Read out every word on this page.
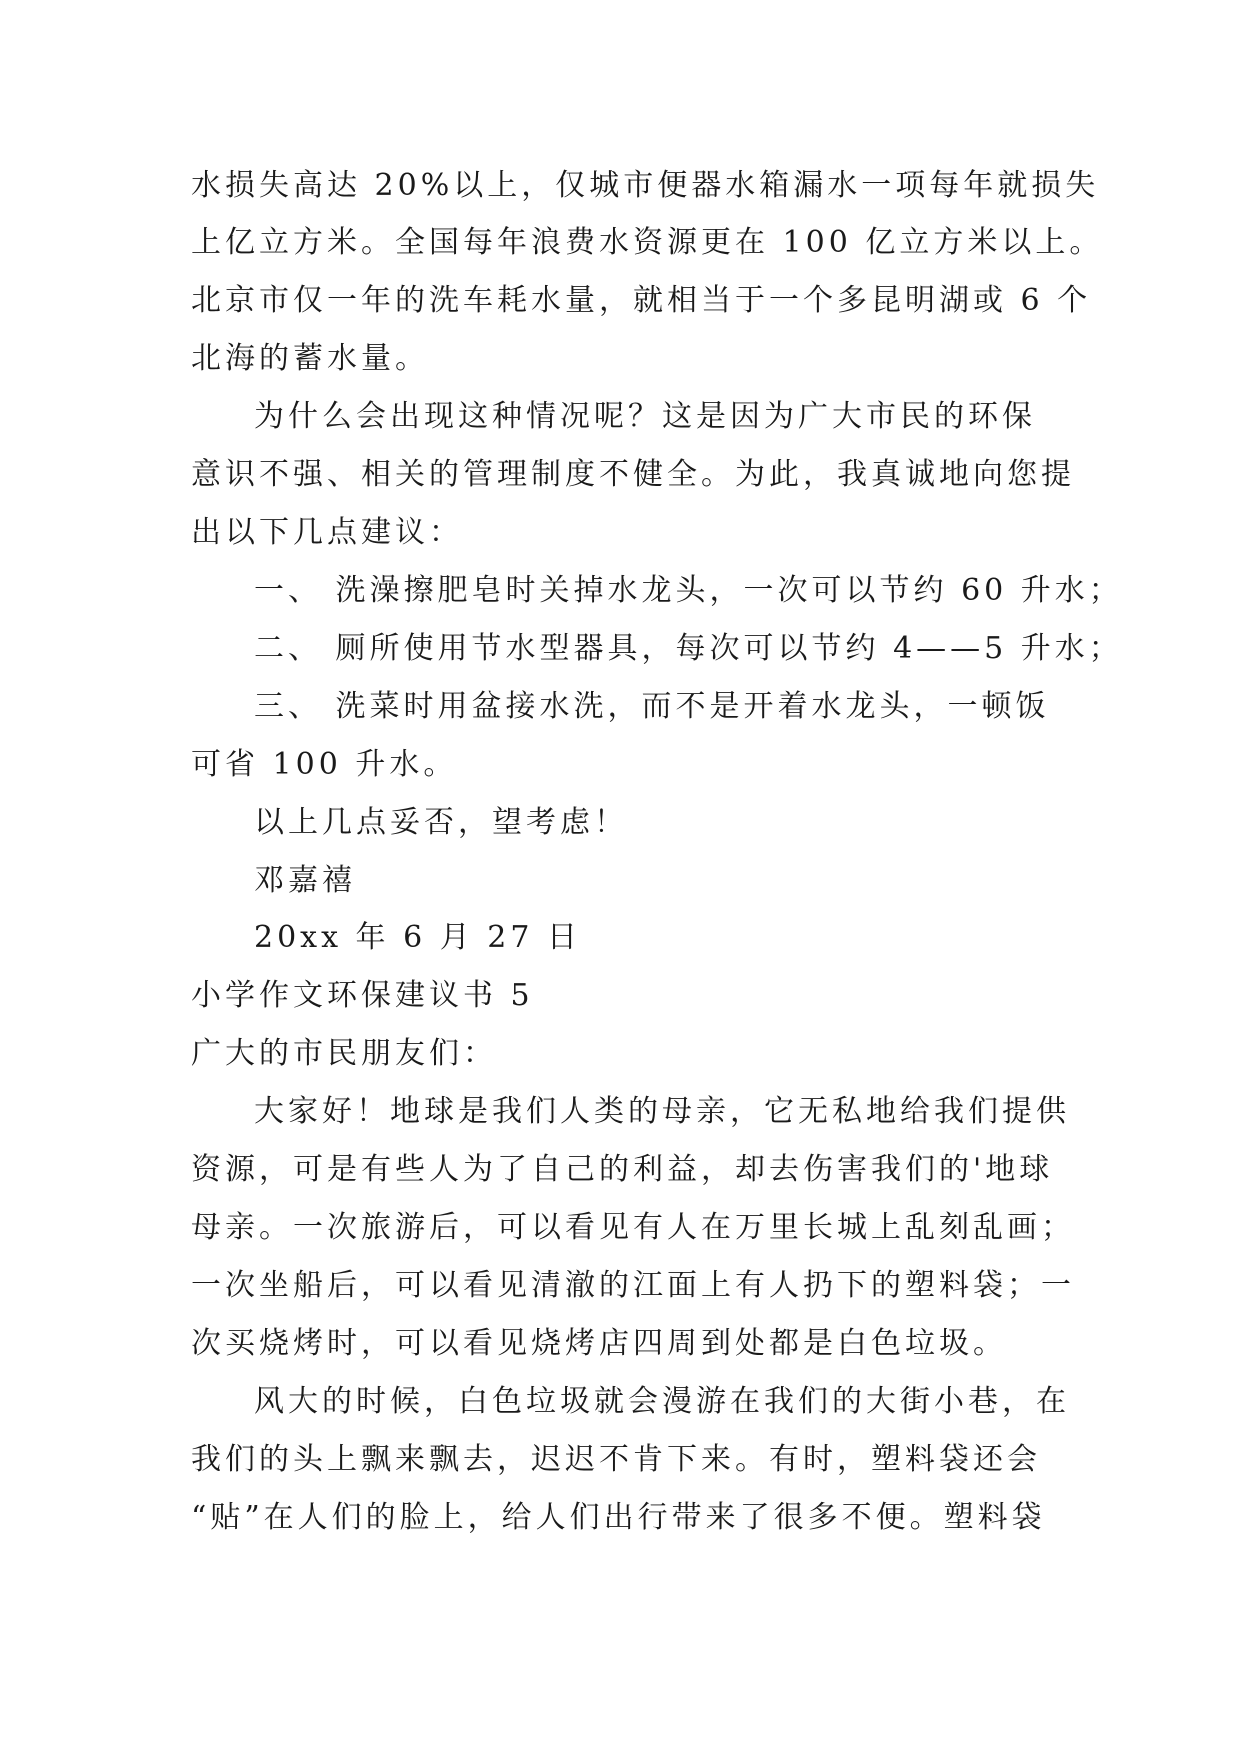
水损失高达 20%以上，仅城市便器水箱漏水一项每年就损失
上亿立方米。全国每年浪费水资源更在 100 亿立方米以上。
北京市仅一年的洗车耗水量，就相当于一个多昆明湖或 6 个
北海的蓄水量。
为什么会出现这种情况呢？这是因为广大市民的环保
意识不强、相关的管理制度不健全。为此，我真诚地向您提
出以下几点建议：
一、 洗澡擦肥皂时关掉水龙头，一次可以节约 60 升水；
二、 厕所使用节水型器具，每次可以节约 4——5 升水；
三、 洗菜时用盆接水洗，而不是开着水龙头，一顿饭
可省 100 升水。
以上几点妥否，望考虑！
邓嘉禧
20xx 年 6 月 27 日
小学作文环保建议书 5
广大的市民朋友们：
大家好！地球是我们人类的母亲，它无私地给我们提供
资源，可是有些人为了自己的利益，却去伤害我们的'地球
母亲。一次旅游后，可以看见有人在万里长城上乱刻乱画；
一次坐船后，可以看见清澈的江面上有人扔下的塑料袋；一
次买烧烤时，可以看见烧烤店四周到处都是白色垃圾。
风大的时候，白色垃圾就会漫游在我们的大街小巷，在
我们的头上飘来飘去，迟迟不肯下来。有时，塑料袋还会
“贴”在人们的脸上，给人们出行带来了很多不便。塑料袋
